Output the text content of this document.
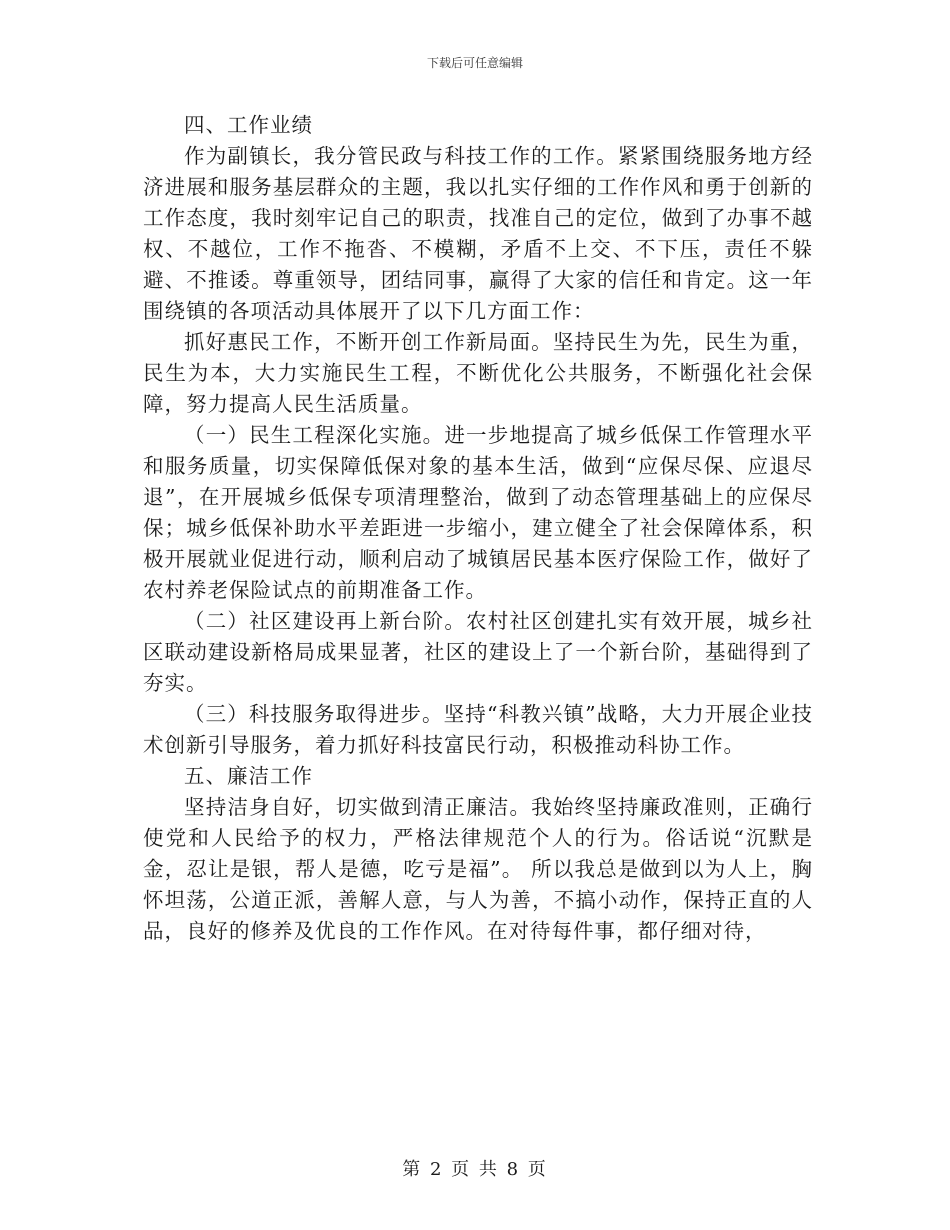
下载后可任意编辑

四、工作业绩

作为副镇长，我分管民政与科技工作的工作。紧紧围绕服务地方经济进展和服务基层群众的主题，我以扎实仔细的工作作风和勇于创新的工作态度，我时刻牢记自己的职责，找准自己的定位，做到了办事不越权、不越位，工作不拖沓、不模糊，矛盾不上交、不下压，责任不躲避、不推诿。尊重领导，团结同事，赢得了大家的信任和肯定。这一年围绕镇的各项活动具体展开了以下几方面工作：

抓好惠民工作，不断开创工作新局面。坚持民生为先，民生为重，民生为本，大力实施民生工程，不断优化公共服务，不断强化社会保障，努力提高人民生活质量。

（一）民生工程深化实施。进一步地提高了城乡低保工作管理水平和服务质量，切实保障低保对象的基本生活，做到“应保尽保、应退尽退”，在开展城乡低保专项清理整治，做到了动态管理基础上的应保尽保；城乡低保补助水平差距进一步缩小，建立健全了社会保障体系，积极开展就业促进行动，顺利启动了城镇居民基本医疗保险工作，做好了农村养老保险试点的前期准备工作。

（二）社区建设再上新台阶。农村社区创建扎实有效开展，城乡社区联动建设新格局成果显著，社区的建设上了一个新台阶，基础得到了夯实。

（三）科技服务取得进步。坚持“科教兴镇”战略，大力开展企业技术创新引导服务，着力抓好科技富民行动，积极推动科协工作。

五、廉洁工作

坚持洁身自好，切实做到清正廉洁。我始终坚持廉政准则，正确行使党和人民给予的权力，严格法律规范个人的行为。俗话说“沉默是金，忍让是银，帮人是德，吃亏是福”。 所以我总是做到以为人上，胸怀坦荡，公道正派，善解人意，与人为善，不搞小动作，保持正直的人品，良好的修养及优良的工作作风。在对待每件事，都仔细对待，

第 2 页 共 8 页
